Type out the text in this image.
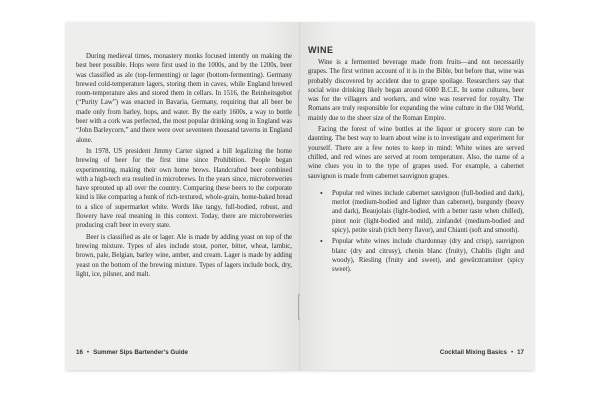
During medieval times, monastery monks focused intently on making the best beer possible. Hops were first used in the 1000s, and by the 1200s, beer was classified as ale (top-fermenting) or lager (bottom-fermenting). Germany brewed cold-temperature lagers, storing them in caves, while England brewed room-temperature ales and stored them in cellars. In 1516, the Reinheitsgebot (“Purity Law”) was enacted in Bavaria, Germany, requiring that all beer be made only from barley, hops, and water. By the early 1600s, a way to bottle beer with a cork was perfected, the most popular drinking song in England was “John Barleycorn,” and there were over seventeen thousand taverns in England alone.

In 1978, US president Jimmy Carter signed a bill legalizing the home brewing of beer for the first time since Prohibition. People began experimenting, making their own home brews. Handcrafted beer combined with a high-tech era resulted in microbrews. In the years since, microbreweries have sprouted up all over the country. Comparing these beers to the corporate kind is like comparing a hunk of rich-textured, whole-grain, home-baked bread to a slice of supermarket white. Words like tangy, full-bodied, robust, and flowery have real meaning in this context. Today, there are microbreweries producing craft beer in every state.

Beer is classified as ale or lager. Ale is made by adding yeast on top of the brewing mixture. Types of ales include stout, porter, bitter, wheat, lambic, brown, pale, Belgian, barley wine, amber, and cream. Lager is made by adding yeast on the bottom of the brewing mixture. Types of lagers include bock, dry, light, ice, pilsner, and malt.

16 • Summer Sips Bartender’s Guide
WINE

Wine is a fermented beverage made from fruits—and not necessarily grapes. The first written account of it is in the Bible, but before that, wine was probably discovered by accident due to grape spoilage. Researchers say that social wine drinking likely began around 6000 B.C.E. In some cultures, beer was for the villagers and workers, and wine was reserved for royalty. The Romans are truly responsible for expanding the wine culture in the Old World, mainly due to the sheer size of the Roman Empire.

Facing the forest of wine bottles at the liquor or grocery store can be daunting. The best way to learn about wine is to investigate and experiment for yourself. There are a few notes to keep in mind: White wines are served chilled, and red wines are served at room temperature. Also, the name of a wine clues you in to the type of grapes used. For example, a cabernet sauvignon is made from cabernet sauvignon grapes.

• Popular red wines include cabernet sauvignon (full-bodied and dark), merlot (medium-bodied and lighter than cabernet), burgundy (heavy and dark), Beaujolais (light-bodied, with a better taste when chilled), pinot noir (light-bodied and mild), zinfandel (medium-bodied and spicy), petite sirah (rich berry flavor), and Chianti (soft and smooth).
• Popular white wines include chardonnay (dry and crisp), sauvignon blanc (dry and citrusy), chenin blanc (fruity), Chablis (light and woody), Riesling (fruity and sweet), and gewürztraminer (spicy sweet).
Cocktail Mixing Basics • 17
